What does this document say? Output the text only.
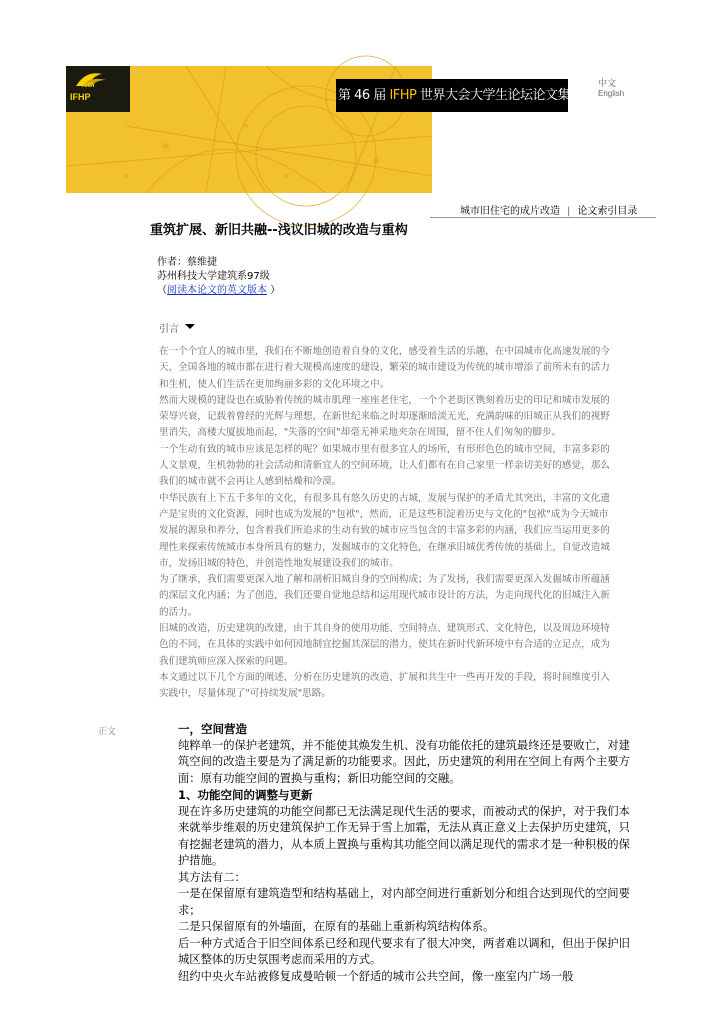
46th
IFHP	第 46 届 IFHP 世界大会大学生论坛论文集
中文
English
城市旧住宅的成片改造 | 论文索引目录
重筑扩展、新旧共融--浅议旧城的改造与重构
作者：蔡维捷
苏州科技大学建筑系97级
（阅读本论文的英文版本 ）
引言

在一个个宜人的城市里，我们在不断地创造着自身的文化，感受着生活的乐趣，在中国城市化高速发展的今天，全国各地的城市都在进行着大规模高速度的建设，繁荣的城市建设为传统的城市增添了前所未有的活力和生机，使人们生活在更加绚丽多彩的文化环境之中。

然而大规模的建设也在威胁着传统的城市肌理一座座老住宅，一个个老街区镌刻着历史的印记和城市发展的荣辱兴衰，记载着曾经的光辉与理想，在新世纪来临之时却逐渐暗淡无光，充满韵味的旧城正从我们的视野里消失，高楼大厦拔地而起，"失落的空间"却毫无神采地夹杂在周围，留不住人们匆匆的脚步。

一个生动有致的城市应该是怎样的呢？如果城市里有很多宜人的场所，有形形色色的城市空间，丰富多彩的人文景观，生机勃勃的社会活动和清新宜人的空间环境，让人们都有在自己家里一样亲切美好的感觉，那么我们的城市就不会再让人感到枯燥和冷漠。

中华民族有上下五千多年的文化，有很多具有悠久历史的古城，发展与保护的矛盾尤其突出，丰富的文化遗产是宝贵的文化资源，同时也成为发展的"包袱"，然而，正是这些积淀着历史与文化的"包袱"成为今天城市发展的源泉和养分，包含着我们所追求的生动有致的城市应当包含的丰富多彩的内涵，我们应当运用更多的理性来探索传统城市本身所具有的魅力，发掘城市的文化特色，在继承旧城优秀传统的基础上，自觉改造城市，发扬旧城的特色，并创造性地发展建设我们的城市。

为了继承，我们需要更深入地了解和剖析旧城自身的空间构成；为了发扬，我们需要更深入发掘城市所蕴涵的深层文化内涵；为了创造，我们还要自觉地总结和运用现代城市设计的方法，为走向现代化的旧城注入新的活力。

旧城的改造，历史建筑的改建，由于其自身的使用功能、空间特点、建筑形式、文化特色，以及周边环境特色的不同，在具体的实践中如何因地制宜挖掘其深层的潜力，使其在新时代新环境中有合适的立足点，成为我们建筑师应深入探索的问题。

本文通过以下几个方面的阐述，分析在历史建筑的改造、扩展和共生中一些再开发的手段，将时间维度引入实践中，尽量体现了"可持续发展"思路。

正文	一，空间营造

纯粹单一的保护老建筑，并不能使其焕发生机、没有功能依托的建筑最终还是要败亡，对建筑空间的改造主要是为了满足新的功能要求。因此，历史建筑的利用在空间上有两个主要方面：原有功能空间的置换与重构；新旧功能空间的交融。

1、功能空间的调整与更新

现在许多历史建筑的功能空间都已无法满足现代生活的要求，而被动式的保护，对于我们本来就举步维艰的历史建筑保护工作无异于雪上加霜，无法从真正意义上去保护历史建筑，只有挖掘老建筑的潜力，从本质上置换与重构其功能空间以满足现代的需求才是一种积极的保护措施。

其方法有二：

一是在保留原有建筑造型和结构基础上，对内部空间进行重新划分和组合达到现代的空间要求；

二是只保留原有的外墙面，在原有的基础上重新构筑结构体系。

后一种方式适合于旧空间体系已经和现代要求有了很大冲突，两者难以调和，但出于保护旧城区整体的历史氛围考虑而采用的方式。

纽约中央火车站被修复成曼哈顿一个舒适的城市公共空间，像一座室内广场一般
